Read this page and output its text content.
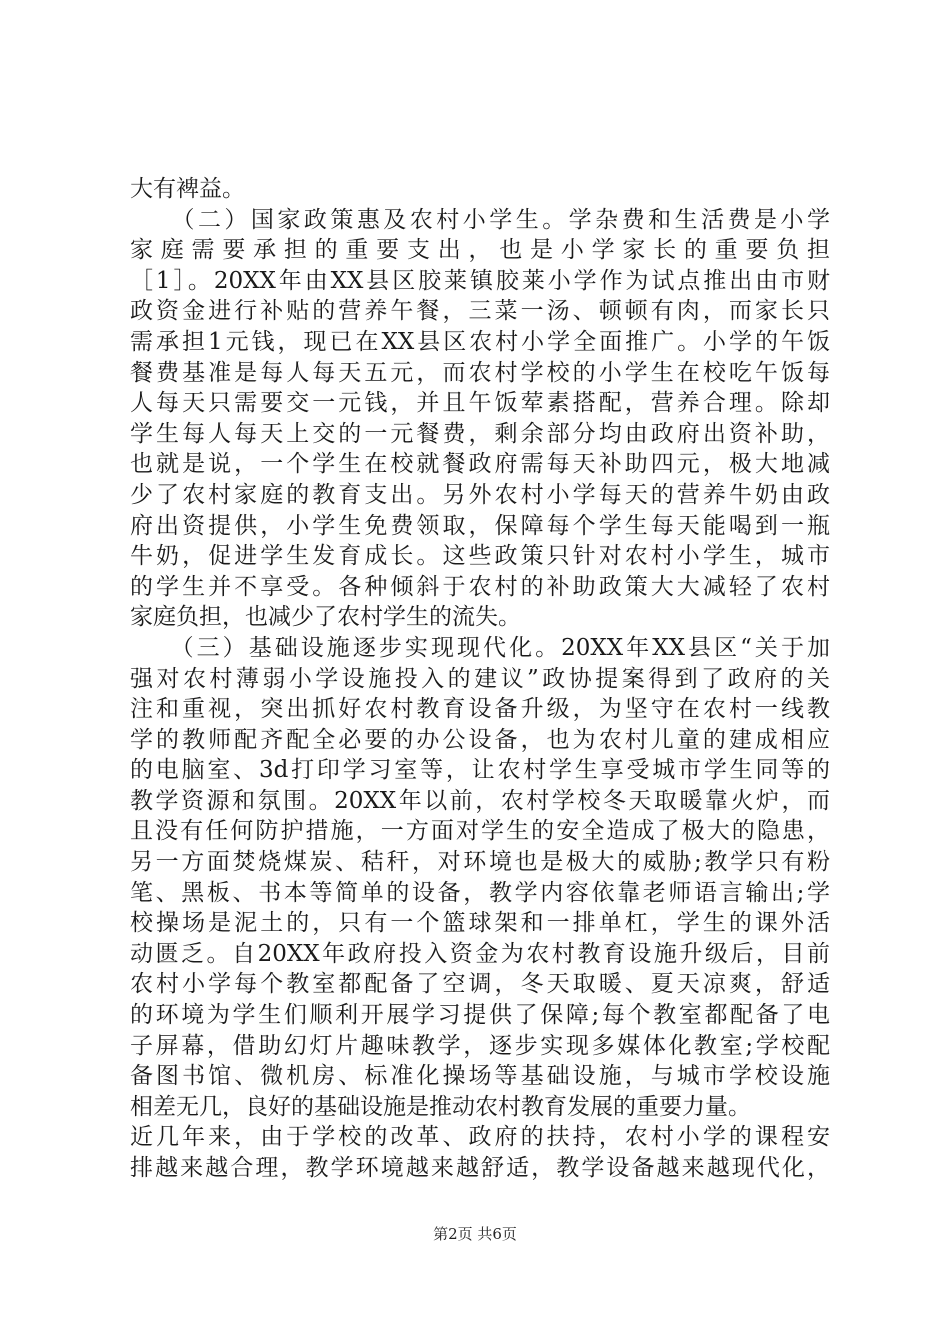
大有裨益。
　　（二）国家政策惠及农村小学生。学杂费和生活费是小学
家庭需要承担的重要支出，也是小学家长的重要负担
［1］。20XX年由XX县区胶莱镇胶莱小学作为试点推出由市财
政资金进行补贴的营养午餐，三菜一汤、顿顿有肉，而家长只
需承担1元钱，现已在XX县区农村小学全面推广。小学的午饭
餐费基准是每人每天五元，而农村学校的小学生在校吃午饭每
人每天只需要交一元钱，并且午饭荤素搭配，营养合理。除却
学生每人每天上交的一元餐费，剩余部分均由政府出资补助，
也就是说，一个学生在校就餐政府需每天补助四元，极大地减
少了农村家庭的教育支出。另外农村小学每天的营养牛奶由政
府出资提供，小学生免费领取，保障每个学生每天能喝到一瓶
牛奶，促进学生发育成长。这些政策只针对农村小学生，城市
的学生并不享受。各种倾斜于农村的补助政策大大减轻了农村
家庭负担，也减少了农村学生的流失。
　　（三）基础设施逐步实现现代化。20XX年XX县区“关于加
强对农村薄弱小学设施投入的建议”政协提案得到了政府的关
注和重视，突出抓好农村教育设备升级，为坚守在农村一线教
学的教师配齐配全必要的办公设备，也为农村儿童的建成相应
的电脑室、3d打印学习室等，让农村学生享受城市学生同等的
教学资源和氛围。20XX年以前，农村学校冬天取暖靠火炉，而
且没有任何防护措施，一方面对学生的安全造成了极大的隐患，
另一方面焚烧煤炭、秸秆，对环境也是极大的威胁;教学只有粉
笔、黑板、书本等简单的设备，教学内容依靠老师语言输出;学
校操场是泥土的，只有一个篮球架和一排单杠，学生的课外活
动匮乏。自20XX年政府投入资金为农村教育设施升级后，目前
农村小学每个教室都配备了空调，冬天取暖、夏天凉爽，舒适
的环境为学生们顺利开展学习提供了保障;每个教室都配备了电
子屏幕，借助幻灯片趣味教学，逐步实现多媒体化教室;学校配
备图书馆、微机房、标准化操场等基础设施，与城市学校设施
相差无几，良好的基础设施是推动农村教育发展的重要力量。
近几年来，由于学校的改革、政府的扶持，农村小学的课程安
排越来越合理，教学环境越来越舒适，教学设备越来越现代化，
第2页 共6页
